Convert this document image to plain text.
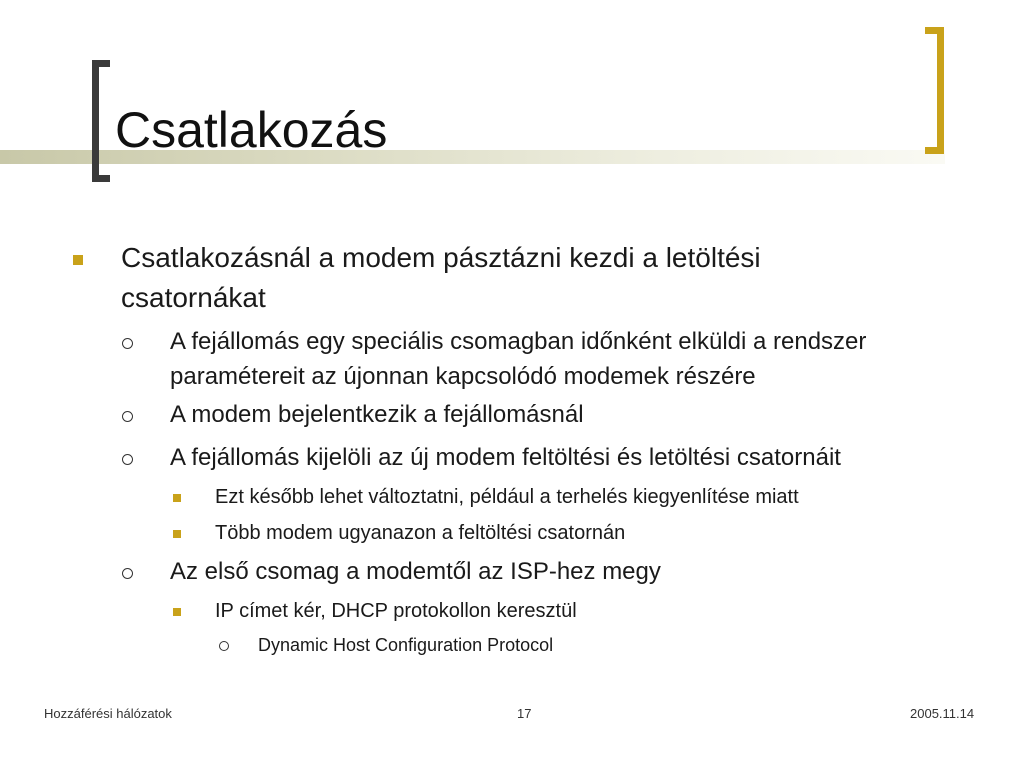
Csatlakozás
Csatlakozásnál a modem pásztázni kezdi a letöltési
csatornákat
A fejállomás egy speciális csomagban időnként elküldi a rendszer
paramétereit az újonnan kapcsolódó modemek részére
A modem bejelentkezik a fejállomásnál
A fejállomás kijelöli az új modem feltöltési és letöltési csatornáit
Ezt később lehet változtatni, például a terhelés kiegyenlítése miatt
Több modem ugyanazon a feltöltési csatornán
Az első csomag a modemtől az ISP-hez megy
IP címet kér, DHCP protokollon keresztül
Dynamic Host Configuration Protocol
Hozzáférési hálózatok	17	2005.11.14
